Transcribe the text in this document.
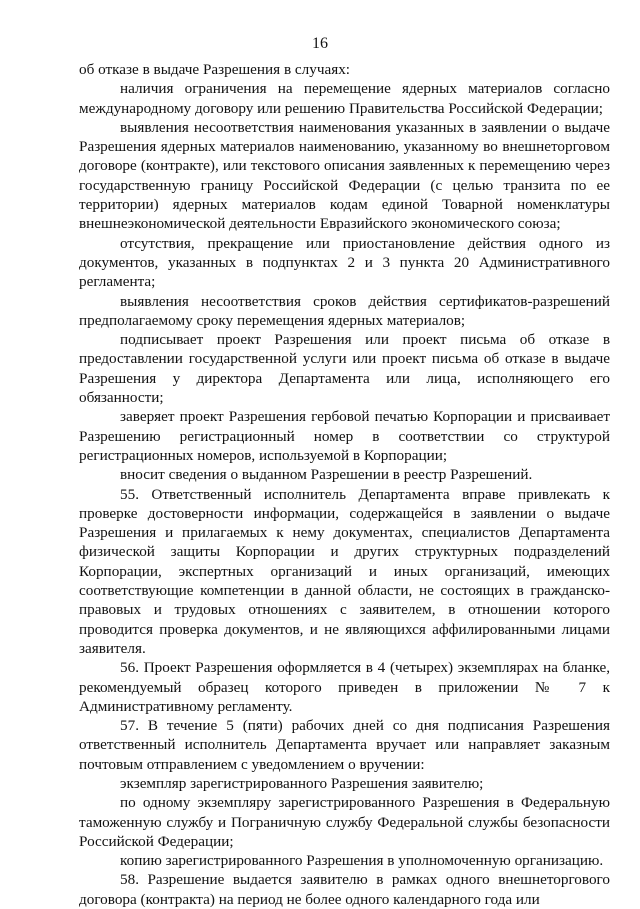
16

об отказе в выдаче Разрешения в случаях:

наличия ограничения на перемещение ядерных материалов согласно международному договору или решению Правительства Российской Федерации;

выявления несоответствия наименования указанных в заявлении о выдаче Разрешения ядерных материалов наименованию, указанному во внешнеторговом договоре (контракте), или текстового описания заявленных к перемещению через государственную границу Российской Федерации (с целью транзита по ее территории) ядерных материалов кодам единой Товарной номенклатуры внешнеэкономической деятельности Евразийского экономического союза;

отсутствия, прекращение или приостановление действия одного из документов, указанных в подпунктах 2 и 3 пункта 20 Административного регламента;

выявления несоответствия сроков действия сертификатов-разрешений предполагаемому сроку перемещения ядерных материалов;

подписывает проект Разрешения или проект письма об отказе в предоставлении государственной услуги или проект письма об отказе в выдаче Разрешения у директора Департамента или лица, исполняющего его обязанности;

заверяет проект Разрешения гербовой печатью Корпорации и присваивает Разрешению регистрационный номер в соответствии со структурой регистрационных номеров, используемой в Корпорации;

вносит сведения о выданном Разрешении в реестр Разрешений.

55. Ответственный исполнитель Департамента вправе привлекать к проверке достоверности информации, содержащейся в заявлении о выдаче Разрешения и прилагаемых к нему документах, специалистов Департамента физической защиты Корпорации и других структурных подразделений Корпорации, экспертных организаций и иных организаций, имеющих соответствующие компетенции в данной области, не состоящих в гражданско-правовых и трудовых отношениях с заявителем, в отношении которого проводится проверка документов, и не являющихся аффилированными лицами заявителя.

56. Проект Разрешения оформляется в 4 (четырех) экземплярах на бланке, рекомендуемый образец которого приведен в приложении № 7 к Административному регламенту.

57. В течение 5 (пяти) рабочих дней со дня подписания Разрешения ответственный исполнитель Департамента вручает или направляет заказным почтовым отправлением с уведомлением о вручении:

экземпляр зарегистрированного Разрешения заявителю;

по одному экземпляру зарегистрированного Разрешения в Федеральную таможенную службу и Пограничную службу Федеральной службы безопасности Российской Федерации;

копию зарегистрированного Разрешения в уполномоченную организацию.

58. Разрешение выдается заявителю в рамках одного внешнеторгового договора (контракта) на период не более одного календарного года или
